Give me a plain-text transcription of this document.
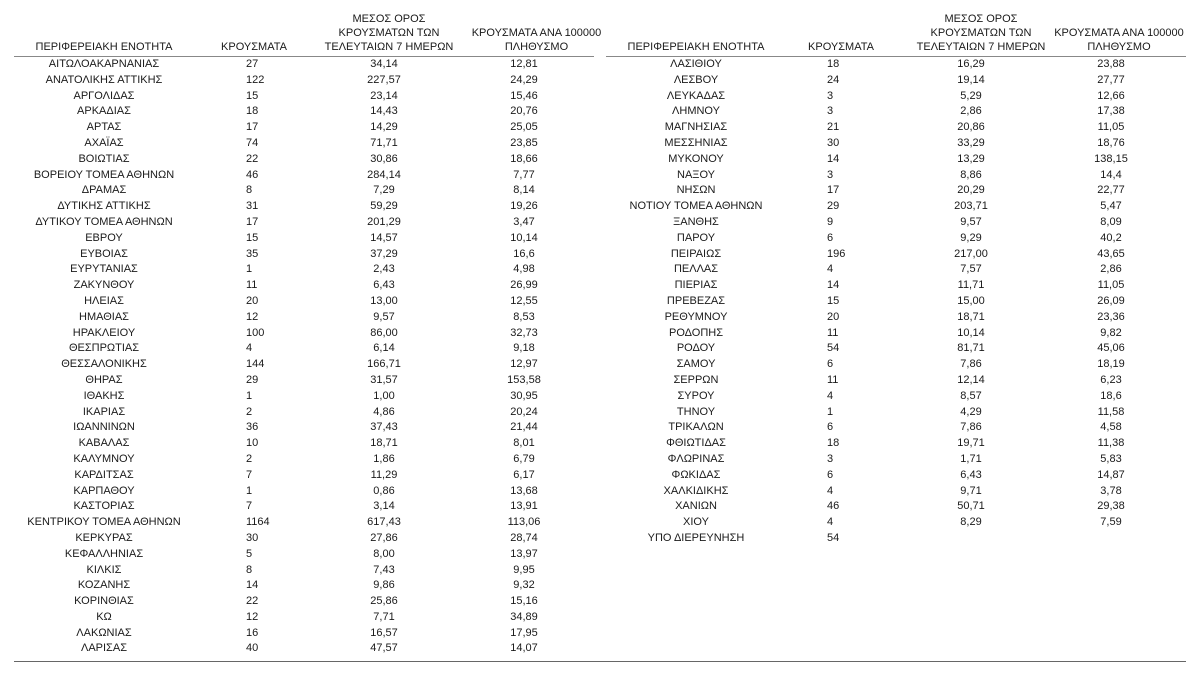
ΠΕΡΙΦΕΡΕΙΑΚΗ ΕΝΟΤΗΤΑ	ΚΡΟΥΣΜΑΤΑ
ΜΕΣΟΣ ΟΡΟΣ
ΚΡΟΥΣΜΑΤΩΝ ΤΩΝ
ΤΕΛΕΥΤΑΙΩΝ 7 ΗΜΕΡΩΝ
ΚΡΟΥΣΜΑΤΑ ΑΝΑ 100000
ΠΛΗΘΥΣΜΟ
ΑΙΤΩΛΟΑΚΑΡΝΑΝΙΑΣ	27	34,14	12,81
ΑΝΑΤΟΛΙΚΗΣ ΑΤΤΙΚΗΣ	122	227,57	24,29
ΑΡΓΟΛΙΔΑΣ	15	23,14	15,46
ΑΡΚΑΔΙΑΣ	18	14,43	20,76
ΑΡΤΑΣ	17	14,29	25,05
ΑΧΑΪΑΣ	74	71,71	23,85
ΒΟΙΩΤΙΑΣ	22	30,86	18,66
ΒΟΡΕΙΟΥ ΤΟΜΕΑ ΑΘΗΝΩΝ	46	284,14	7,77
ΔΡΑΜΑΣ	8	7,29	8,14
ΔΥΤΙΚΗΣ ΑΤΤΙΚΗΣ	31	59,29	19,26
ΔΥΤΙΚΟΥ ΤΟΜΕΑ ΑΘΗΝΩΝ	17	201,29	3,47
ΕΒΡΟΥ	15	14,57	10,14
ΕΥΒΟΙΑΣ	35	37,29	16,6
ΕΥΡΥΤΑΝΙΑΣ	1	2,43	4,98
ΖΑΚΥΝΘΟΥ	11	6,43	26,99
ΗΛΕΙΑΣ	20	13,00	12,55
ΗΜΑΘΙΑΣ	12	9,57	8,53
ΗΡΑΚΛΕΙΟΥ	100	86,00	32,73
ΘΕΣΠΡΩΤΙΑΣ	4	6,14	9,18
ΘΕΣΣΑΛΟΝΙΚΗΣ	144	166,71	12,97
ΘΗΡΑΣ	29	31,57	153,58
ΙΘΑΚΗΣ	1	1,00	30,95
ΙΚΑΡΙΑΣ	2	4,86	20,24
ΙΩΑΝΝΙΝΩΝ	36	37,43	21,44
ΚΑΒΑΛΑΣ	10	18,71	8,01
ΚΑΛΥΜΝΟΥ	2	1,86	6,79
ΚΑΡΔΙΤΣΑΣ	7	11,29	6,17
ΚΑΡΠΑΘΟΥ	1	0,86	13,68
ΚΑΣΤΟΡΙΑΣ	7	3,14	13,91
ΚΕΝΤΡΙΚΟΥ ΤΟΜΕΑ ΑΘΗΝΩΝ	1164	617,43	113,06
ΚΕΡΚΥΡΑΣ	30	27,86	28,74
ΚΕΦΑΛΛΗΝΙΑΣ	5	8,00	13,97
ΚΙΛΚΙΣ	8	7,43	9,95
ΚΟΖΑΝΗΣ	14	9,86	9,32
ΚΟΡΙΝΘΙΑΣ	22	25,86	15,16
ΚΩ	12	7,71	34,89
ΛΑΚΩΝΙΑΣ	16	16,57	17,95
ΛΑΡΙΣΑΣ	40	47,57	14,07
ΠΕΡΙΦΕΡΕΙΑΚΗ ΕΝΟΤΗΤΑ	ΚΡΟΥΣΜΑΤΑ
ΜΕΣΟΣ ΟΡΟΣ
ΚΡΟΥΣΜΑΤΩΝ ΤΩΝ
ΤΕΛΕΥΤΑΙΩΝ 7 ΗΜΕΡΩΝ
ΚΡΟΥΣΜΑΤΑ ΑΝΑ 100000
ΠΛΗΘΥΣΜΟ
ΛΑΣΙΘΙΟΥ	18	16,29	23,88
ΛΕΣΒΟΥ	24	19,14	27,77
ΛΕΥΚΑΔΑΣ	3	5,29	12,66
ΛΗΜΝΟΥ	3	2,86	17,38
ΜΑΓΝΗΣΙΑΣ	21	20,86	11,05
ΜΕΣΣΗΝΙΑΣ	30	33,29	18,76
ΜΥΚΟΝΟΥ	14	13,29	138,15
ΝΑΞΟΥ	3	8,86	14,4
ΝΗΣΩΝ	17	20,29	22,77
ΝΟΤΙΟΥ ΤΟΜΕΑ ΑΘΗΝΩΝ	29	203,71	5,47
ΞΑΝΘΗΣ	9	9,57	8,09
ΠΑΡΟΥ	6	9,29	40,2
ΠΕΙΡΑΙΩΣ	196	217,00	43,65
ΠΕΛΛΑΣ	4	7,57	2,86
ΠΙΕΡΙΑΣ	14	11,71	11,05
ΠΡΕΒΕΖΑΣ	15	15,00	26,09
ΡΕΘΥΜΝΟΥ	20	18,71	23,36
ΡΟΔΟΠΗΣ	11	10,14	9,82
ΡΟΔΟΥ	54	81,71	45,06
ΣΑΜΟΥ	6	7,86	18,19
ΣΕΡΡΩΝ	11	12,14	6,23
ΣΥΡΟΥ	4	8,57	18,6
ΤΗΝΟΥ	1	4,29	11,58
ΤΡΙΚΑΛΩΝ	6	7,86	4,58
ΦΘΙΩΤΙΔΑΣ	18	19,71	11,38
ΦΛΩΡΙΝΑΣ	3	1,71	5,83
ΦΩΚΙΔΑΣ	6	6,43	14,87
ΧΑΛΚΙΔΙΚΗΣ	4	9,71	3,78
ΧΑΝΙΩΝ	46	50,71	29,38
ΧΙΟΥ	4	8,29	7,59
ΥΠΟ ΔΙΕΡΕΥΝΗΣΗ	54
